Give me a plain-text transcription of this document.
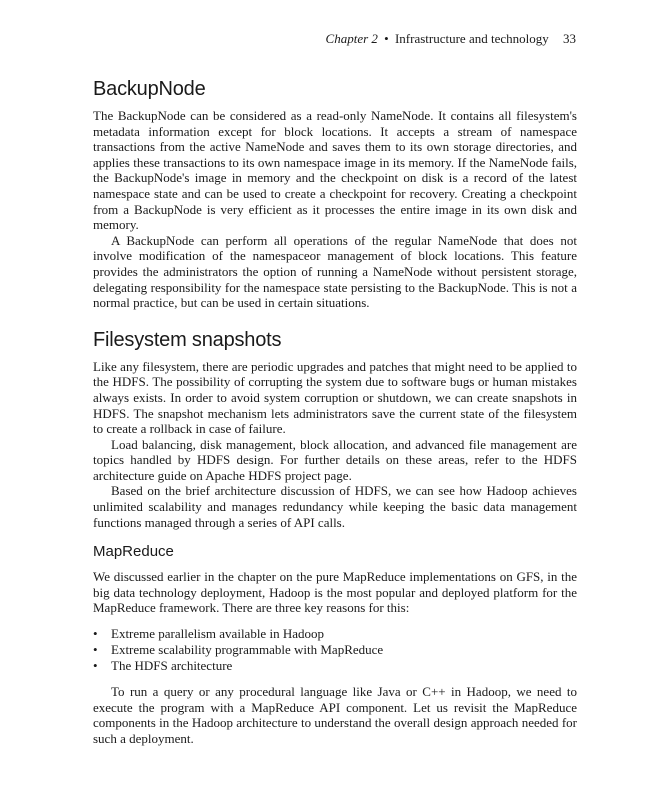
Chapter 2 • Infrastructure and technology 33
BackupNode

The BackupNode can be considered as a read-only NameNode. It contains all filesystem's metadata information except for block locations. It accepts a stream of namespace transactions from the active NameNode and saves them to its own storage directories, and applies these transactions to its own namespace image in its memory. If the NameNode fails, the BackupNode's image in memory and the checkpoint on disk is a record of the latest namespace state and can be used to create a checkpoint for recovery. Creating a checkpoint from a BackupNode is very efficient as it processes the entire image in its own disk and memory.

A BackupNode can perform all operations of the regular NameNode that does not involve modification of the namespaceor management of block locations. This feature provides the administrators the option of running a NameNode without persistent storage, delegating responsibility for the namespace state persisting to the BackupNode. This is not a normal practice, but can be used in certain situations.

Filesystem snapshots

Like any filesystem, there are periodic upgrades and patches that might need to be applied to the HDFS. The possibility of corrupting the system due to software bugs or human mistakes always exists. In order to avoid system corruption or shutdown, we can create snapshots in HDFS. The snapshot mechanism lets administrators save the current state of the filesystem to create a rollback in case of failure.

Load balancing, disk management, block allocation, and advanced file management are topics handled by HDFS design. For further details on these areas, refer to the HDFS architecture guide on Apache HDFS project page.

Based on the brief architecture discussion of HDFS, we can see how Hadoop achieves unlimited scalability and manages redundancy while keeping the basic data management functions managed through a series of API calls.

MapReduce

We discussed earlier in the chapter on the pure MapReduce implementations on GFS, in the big data technology deployment, Hadoop is the most popular and deployed platform for the MapReduce framework. There are three key reasons for this:

• Extreme parallelism available in Hadoop
• Extreme scalability programmable with MapReduce
• The HDFS architecture

To run a query or any procedural language like Java or C++ in Hadoop, we need to execute the program with a MapReduce API component. Let us revisit the MapReduce components in the Hadoop architecture to understand the overall design approach needed for such a deployment.
